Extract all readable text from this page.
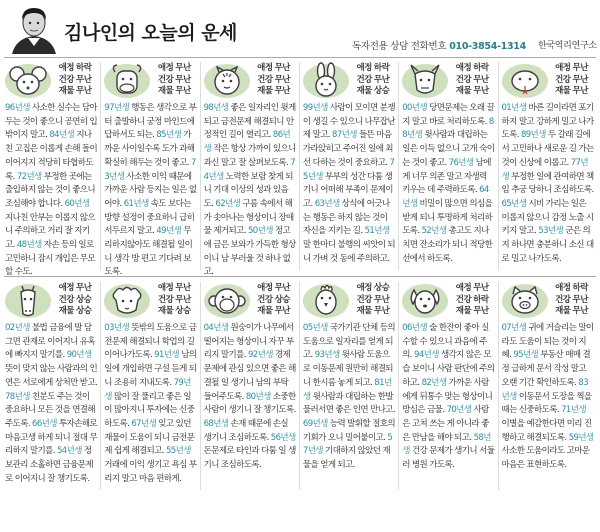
김나인의 오늘의 운세
독자전용 상담 전화번호 010-3854-1314 한국역리연구소
애정 하락
건강 무난
재물 무난
96년생 사소한 실수는 담아두는 것이 좋으니 공연히 입 밖이지 말고. 84년생 지나친 고집은 이롭게 손해 돌이 이어지지 적당히 타협하도록. 72년생 부정한 곳에는 출입하지 않는 것이 좋으니 조심해야 합니다. 60년생 지나친 안부는 이롭지 않으니 주의하고 거리 잘 지키고. 48년생 자손 등의 일로 고민하니 잠시 개입은 무모할 수도.
애정 무난
건강 무난
재물 무난
97년생 행동은 생각으로 부터 출발하니 궁정 마인드에 답하셔도 되는. 85년생 가까운 사이일수록 도가 과해 확실히 해두는 것이 좋고. 73년생 사소한 이익 때문에 가까운 사람 등지는 일은 없어야. 61년생 속도 보다는 방향 설정이 중요하니 급히 서두르지 말고. 49년생 무리하지않아도 해결될 일이니 생각 방 편고 기다려 보도록.
애정 무난
건강 무난
재물 무난
98년생 좋은 일자리인 윗게 되고 금전문제 해결되니 안정적인 길이 열리고. 86년생 작은 항상 가까이 있으니 과신 말고 잘 살펴보도록. 74년생 노력한 보람 찾게 되니 기대 이상의 성과 있음도. 62년생 구름 속에서 해가 솟아나는 형상이니 장애물 제거되고. 50년생 정고에 금은 보와가 가득한 형상이니 남 부러울 것 하나 없고.
애정 하락
건강 무난
재물 상승
99년생 사람이 모이면 분쟁이 생길 수 있으니 나무잡난 제 말고. 87년생 들뜬 마음 가라앉히고 주어진 일에 최선 다하는 것이 중요하고. 75년생 부부의 성간 다툼 생기니 어떠해 부족이 문제이고. 63년생 상식에 어긋나는 행동은 하지 않는 것이 자신을 지키는 길. 51년생 말 한마디 불행의 씨앗이 되니 가벼 것 동에 주의하고.
애정 하락
건강 무난
재물 무난
00년생 당면문제는 오래 끌지 말고 바로 처리하도록. 88년생 윗사람과 대립하는 일은 이득 없으니 고개 숙이는 것이 좋고. 76년생 남에게 너무 의존 말고 자생력 키우는 데 주력하도록. 64년생 비밀이 많으면 의심을 받게 되니 투명하게 처리하도록. 52년생 총고도 지나치면 잔소리가 되니 적당한 선에서 하도록.
애정 무난
건강 무난
재물 무난
01년생 바른 길이라면 포기하지 말고 강하게 밀고 나가도록. 89년생 두 갈래 길에서 고민하나 새로운 길 가는 것이 신상에 이롭고. 77년생 부정한 일에 관여하면 책임 추궁 당하니 조심하도록. 65년생 시비 가리는 일은 이롭지 않으니 감정 노출 시키지 말고. 53년생 군은 의지 하나면 충분하니 소신 대로 밀고 나가도록.
애정 무난
건강 상승
재물 상승
02년생 불법 금융에 발 담그면 관재로 이어지니 유혹에 빠지지 말기를. 90년생 뜻이 맞지 않는 사람과의 인연은 서로에게 상처만 받고. 78년생 친분도 주는 것이 중요하니 모든 것을 연결해 주도록. 66년생 투자손해로 마음고생 하게 되니 절대 무리하지 말기를. 54년생 정보관리 소홀하면 금융문제로 이어지니 잘 챙기도록.
애정 무난
건강 무난
재물 상승
03년생 뜻밖의 도움으로 금전문제 해결되니 학업의 길 이어나가도록. 91년생 남의 일에 개입하면 구설 듣게 되니 조용히 지내도록. 79년생 많이 잘 풀리고 좋은 일이 많아지니 투자에는 신중하도록. 67년생 잊고 있던 재물이 도움이 되니 금전문제 쉽게 해결되고. 55년생 거래에 이익 생기고 욕심 부리지 말고 마음 편하게.
애정 무난
건강 상승
재물 무난
04년생 원숭이가 나무에서 떨어지는 형상이니 자꾸 부리지 말기를. 92년생 경제 문제에 관심 있으면 좋은 해결될 일 생기니 남의 부탁 들어주도록. 80년생 소중한 사람이 생기니 잘 챙기도록. 68년생 손재 때문에 손실 생기니 조심하도록. 56년생 돈문제로 타인과 다툼 일 생기니 조심하도록.
애정 상승
건강 무난
재물 무난
05년생 국가기관 단체 등의 도움으로 일자리를 얻게 되고. 93년생 윗사람 도움으로 이동문제 원만히 해결되니 한시름 놓게 되고. 81년생 윗사람과 대립하는 한발 물러서면 좋은 인연 만나고. 69년생 능력 발휘할 절호의 기회가 오니 밀어붙이고. 57년생 기대하지 않았던 재물을 얻게 되고.
애정 무난
건강 하락
재물 무난
06년생 술 한잔이 좋아 실수할 수 있으니 과음에 주의. 94년생 생각지 않은 모습 보이니 사람 판단에 주의하고. 82년생 가까운 사람에게 뒤통수 맞는 형상이니 방심은 금물. 70년생 사람은 고쳐 쓰는 게 아니라 좋은 만남을 해야 되고. 58년생 건강 문제가 생기니 서둘러 병원 가도록.
애정 하락
건강 무난
재물 무난
07년생 귀에 거슬리는 말이라도 도움이 되는 것이 지혜. 95년생 부동산 매매 결정 급하게 문서 작성 말고 오랜 기간 확인하도록. 83년생 이동문서 도장을 찍을 때는 신중하도록. 71년생 이별을 예감한다면 미리 진행하고 해결되도록. 59년생 사소한 도움이라도 고마운 마음은 표현하도록.
